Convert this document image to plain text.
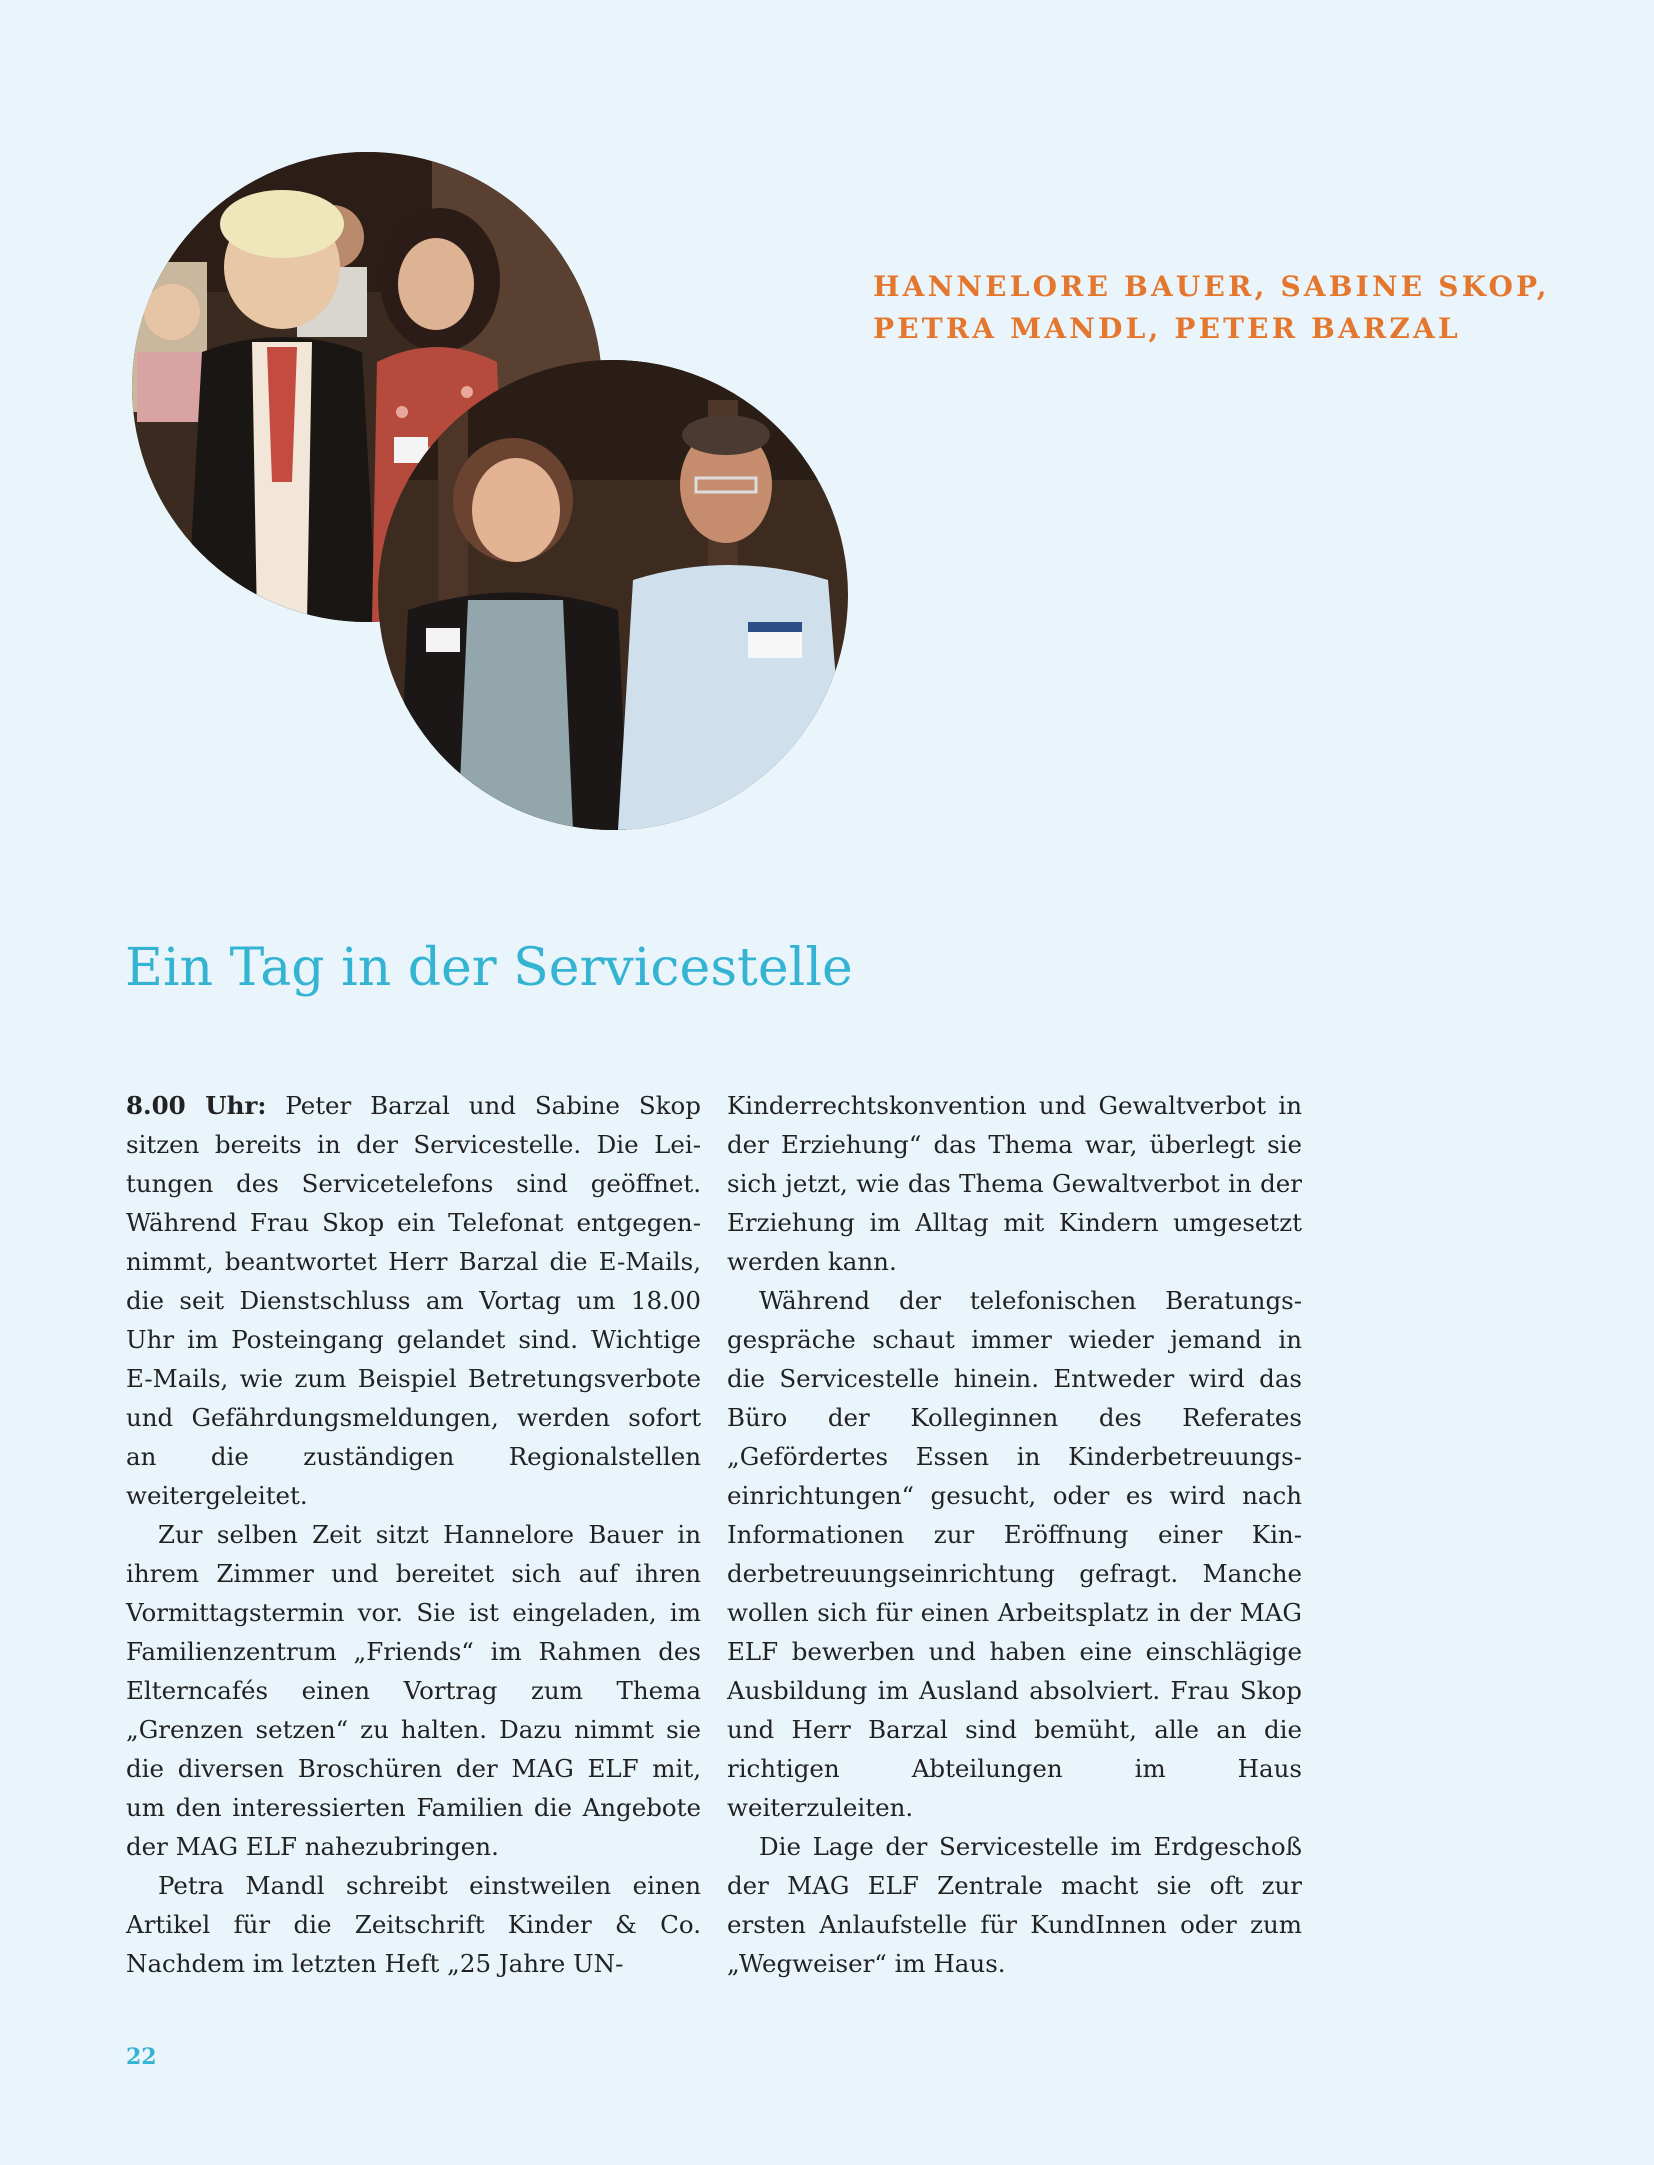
HANNELORE BAUER, SABINE SKOP,
PETRA MANDL, PETER BARZAL
Ein Tag in der Servicestelle

8.00 Uhr: Peter Barzal und Sabine Skop sitzen bereits in der Servicestelle. Die Leitungen des Servicetelefons sind geöffnet. Während Frau Skop ein Telefonat entgegennimmt, beantwortet Herr Barzal die E-Mails, die seit Dienstschluss am Vortag um 18.00 Uhr im Posteingang gelandet sind. Wichtige E-Mails, wie zum Beispiel Betretungsverbote und Gefährdungsmeldungen, werden sofort an die zuständigen Regionalstellen weitergeleitet.

Zur selben Zeit sitzt Hannelore Bauer in ihrem Zimmer und bereitet sich auf ihren Vormittagstermin vor. Sie ist eingeladen, im Familienzentrum „Friends“ im Rahmen des Elterncafés einen Vortrag zum Thema „Grenzen setzen“ zu halten. Dazu nimmt sie die diversen Broschüren der MAG ELF mit, um den interessierten Familien die Angebote der MAG ELF nahezubringen.

Petra Mandl schreibt einstweilen einen Artikel für die Zeitschrift Kinder & Co. Nachdem im letzten Heft „25 Jahre UN-

Kinderrechtskonvention und Gewaltverbot in der Erziehung“ das Thema war, überlegt sie sich jetzt, wie das Thema Gewaltverbot in der Erziehung im Alltag mit Kindern umgesetzt werden kann.

Während der telefonischen Beratungsgespräche schaut immer wieder jemand in die Servicestelle hinein. Entweder wird das Büro der Kolleginnen des Referates „Gefördertes Essen in Kinderbetreuungseinrichtungen“ gesucht, oder es wird nach Informationen zur Eröffnung einer Kinderbetreuungseinrichtung gefragt. Manche wollen sich für einen Arbeitsplatz in der MAG ELF bewerben und haben eine einschlägige Ausbildung im Ausland absolviert. Frau Skop und Herr Barzal sind bemüht, alle an die richtigen Abteilungen im Haus weiterzuleiten.

Die Lage der Servicestelle im Erdgeschoß der MAG ELF Zentrale macht sie oft zur ersten Anlaufstelle für KundInnen oder zum „Wegweiser“ im Haus.

22
